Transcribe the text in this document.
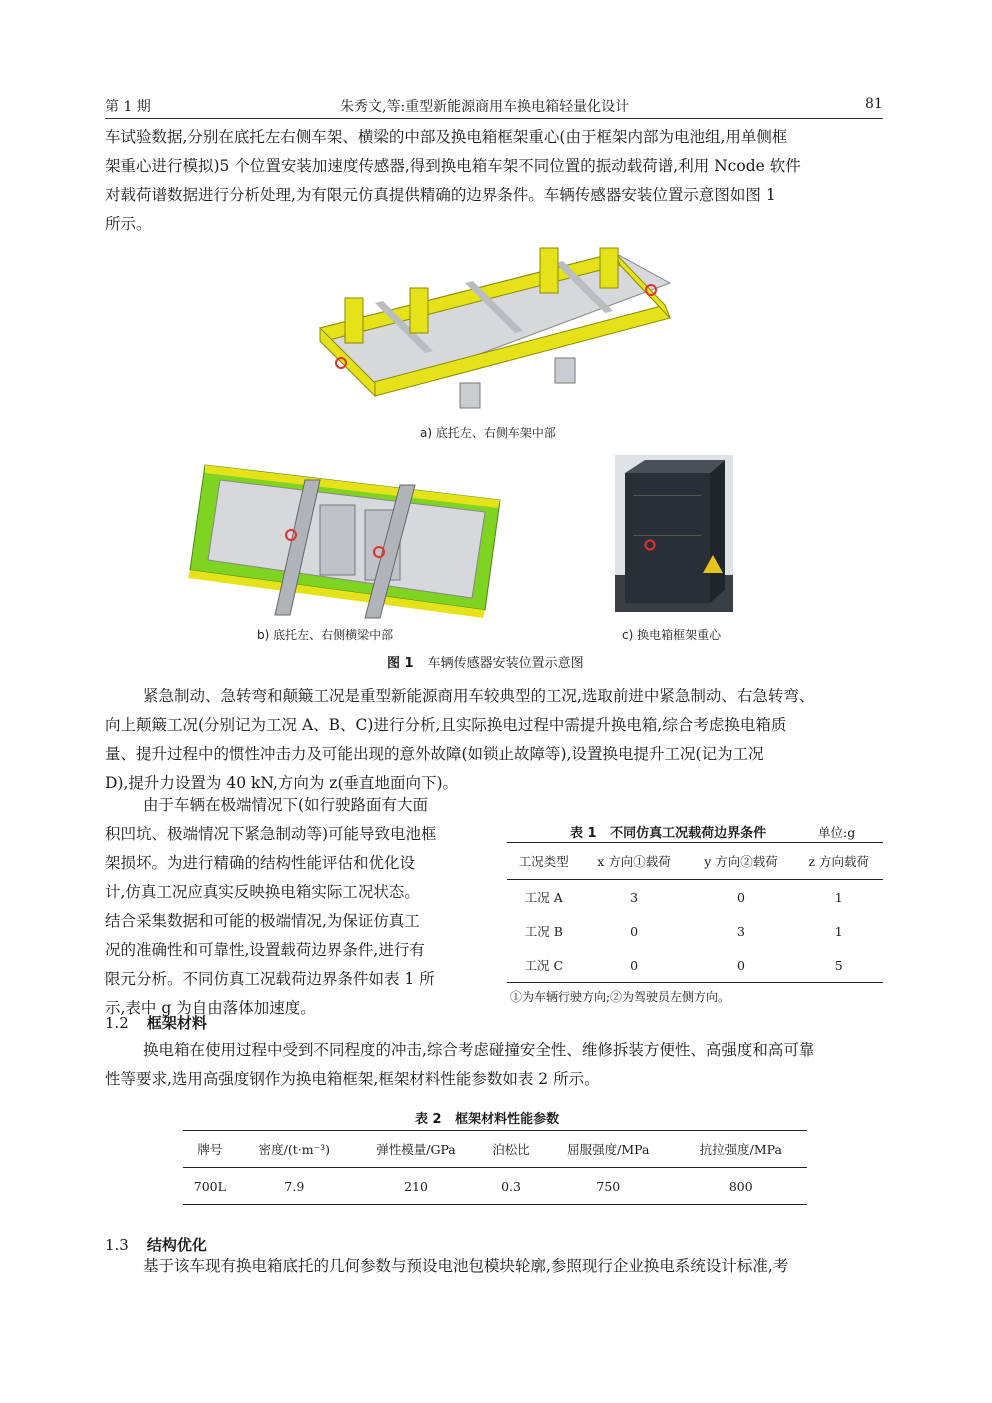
第 1 期	朱秀文,等:重型新能源商用车换电箱轻量化设计	81

车试验数据,分别在底托左右侧车架、横梁的中部及换电箱框架重心(由于框架内部为电池组,用单侧框

架重心进行模拟)5 个位置安装加速度传感器,得到换电箱车架不同位置的振动载荷谱,利用 Ncode 软件

对载荷谱数据进行分析处理,为有限元仿真提供精确的边界条件。车辆传感器安装位置示意图如图 1

所示。

a) 底托左、右侧车架中部
b) 底托左、右侧横梁中部	c) 换电箱框架重心
图 1 车辆传感器安装位置示意图

紧急制动、急转弯和颠簸工况是重型新能源商用车较典型的工况,选取前进中紧急制动、右急转弯、

向上颠簸工况(分别记为工况 A、B、C)进行分析,且实际换电过程中需提升换电箱,综合考虑换电箱质

量、提升过程中的惯性冲击力及可能出现的意外故障(如锁止故障等),设置换电提升工况(记为工况

D),提升力设置为 40 kN,方向为 z(垂直地面向下)。

由于车辆在极端情况下(如行驶路面有大面

积凹坑、极端情况下紧急制动等)可能导致电池框

架损坏。为进行精确的结构性能评估和优化设

计,仿真工况应真实反映换电箱实际工况状态。

结合采集数据和可能的极端情况,为保证仿真工

况的准确性和可靠性,设置载荷边界条件,进行有

限元分析。不同仿真工况载荷边界条件如表 1 所

示,表中 g 为自由落体加速度。

表 1 不同仿真工况载荷边界条件	单位:g
工况类型	x 方向①载荷	y 方向②载荷	z 方向载荷
工况 A	3	0	1
工况 B	0	3	1
工况 C	0	0	5
①为车辆行驶方向;②为驾驶员左侧方向。
1.2 框架材料

换电箱在使用过程中受到不同程度的冲击,综合考虑碰撞安全性、维修拆装方便性、高强度和高可靠

性等要求,选用高强度钢作为换电箱框架,框架材料性能参数如表 2 所示。

表 2 框架材料性能参数
牌号	密度/(t·m⁻³)	弹性模量/GPa	泊松比	屈服强度/MPa	抗拉强度/MPa
700L	7.9	210	0.3	750	800
1.3 结构优化

基于该车现有换电箱底托的几何参数与预设电池包模块轮廓,参照现行企业换电系统设计标准,考
